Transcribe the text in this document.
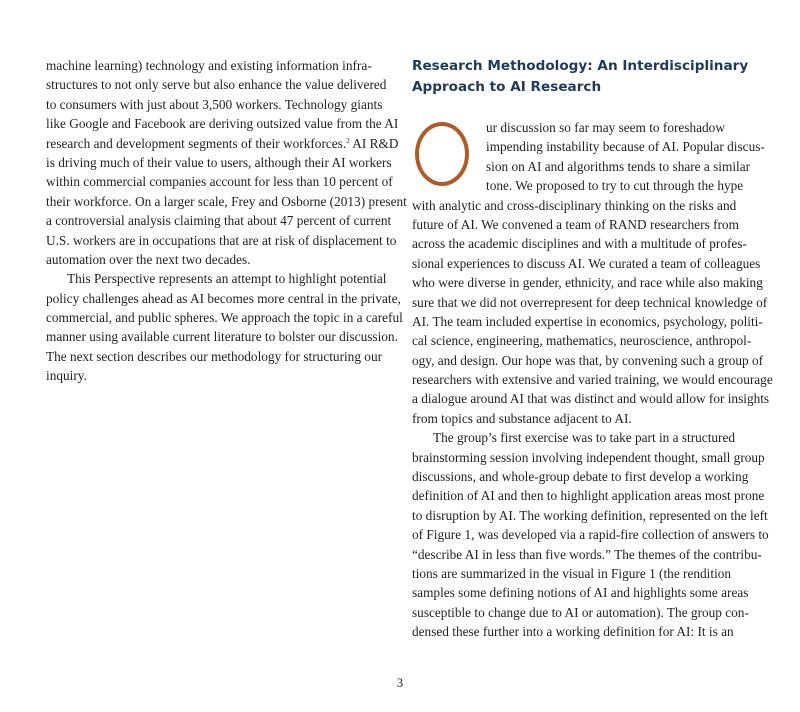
machine learning) technology and existing information infra-
structures to not only serve but also enhance the value delivered
to consumers with just about 3,500 workers. Technology giants
like Google and Facebook are deriving outsized value from the AI
research and development segments of their workforces.$^2$ AI R&D
is driving much of their value to users, although their AI workers
within commercial companies account for less than 10 percent of
their workforce. On a larger scale, Frey and Osborne (2013) present
a controversial analysis claiming that about 47 percent of current
U.S. workers are in occupations that are at risk of displacement to
automation over the next two decades.
This Perspective represents an attempt to highlight potential
policy challenges ahead as AI becomes more central in the private,
commercial, and public spheres. We approach the topic in a careful
manner using available current literature to bolster our discussion.
The next section describes our methodology for structuring our
inquiry.
Research Methodology: An Interdisciplinary
Approach to AI Research
ur discussion so far may seem to foreshadow
impending instability because of AI. Popular discus-
sion on AI and algorithms tends to share a similar
tone. We proposed to try to cut through the hype
with analytic and cross-disciplinary thinking on the risks and
future of AI. We convened a team of RAND researchers from
across the academic disciplines and with a multitude of profes-
sional experiences to discuss AI. We curated a team of colleagues
who were diverse in gender, ethnicity, and race while also making
sure that we did not overrepresent for deep technical knowledge of
AI. The team included expertise in economics, psychology, politi-
cal science, engineering, mathematics, neuroscience, anthropol-
ogy, and design. Our hope was that, by convening such a group of
researchers with extensive and varied training, we would encourage
a dialogue around AI that was distinct and would allow for insights
from topics and substance adjacent to AI.
The group’s first exercise was to take part in a structured
brainstorming session involving independent thought, small group
discussions, and whole-group debate to first develop a working
definition of AI and then to highlight application areas most prone
to disruption by AI. The working definition, represented on the left
of Figure 1, was developed via a rapid-fire collection of answers to
“describe AI in less than five words.” The themes of the contribu-
tions are summarized in the visual in Figure 1 (the rendition
samples some defining notions of AI and highlights some areas
susceptible to change due to AI or automation). The group con-
densed these further into a working definition for AI: It is an
3
